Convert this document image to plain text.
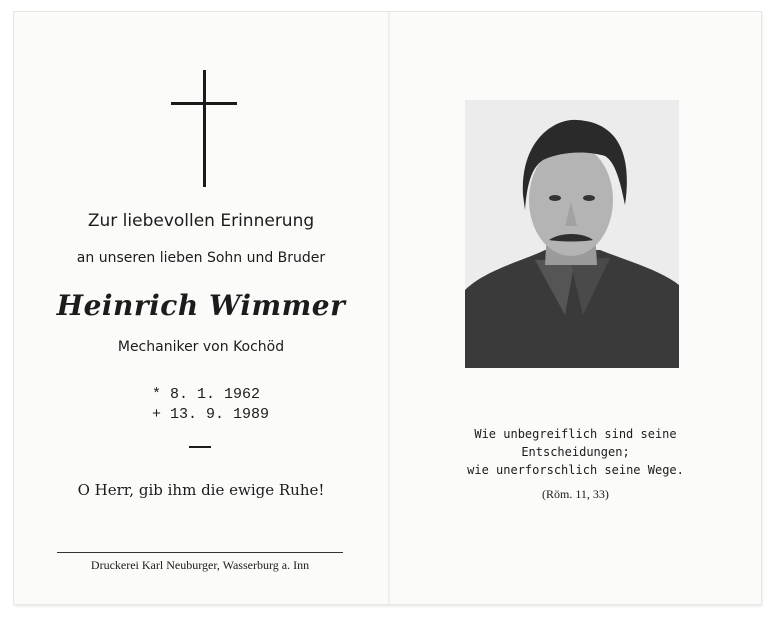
Zur liebevollen Erinnerung
an unseren lieben Sohn und Bruder
Heinrich Wimmer
Mechaniker von Kochöd
* 8. 1. 1962
+ 13. 9. 1989
O Herr, gib ihm die ewige Ruhe!
Druckerei Karl Neuburger, Wasserburg a. Inn
Wie unbegreiflich sind seine
Entscheidungen;
wie unerforschlich seine Wege.
(Röm. 11, 33)
